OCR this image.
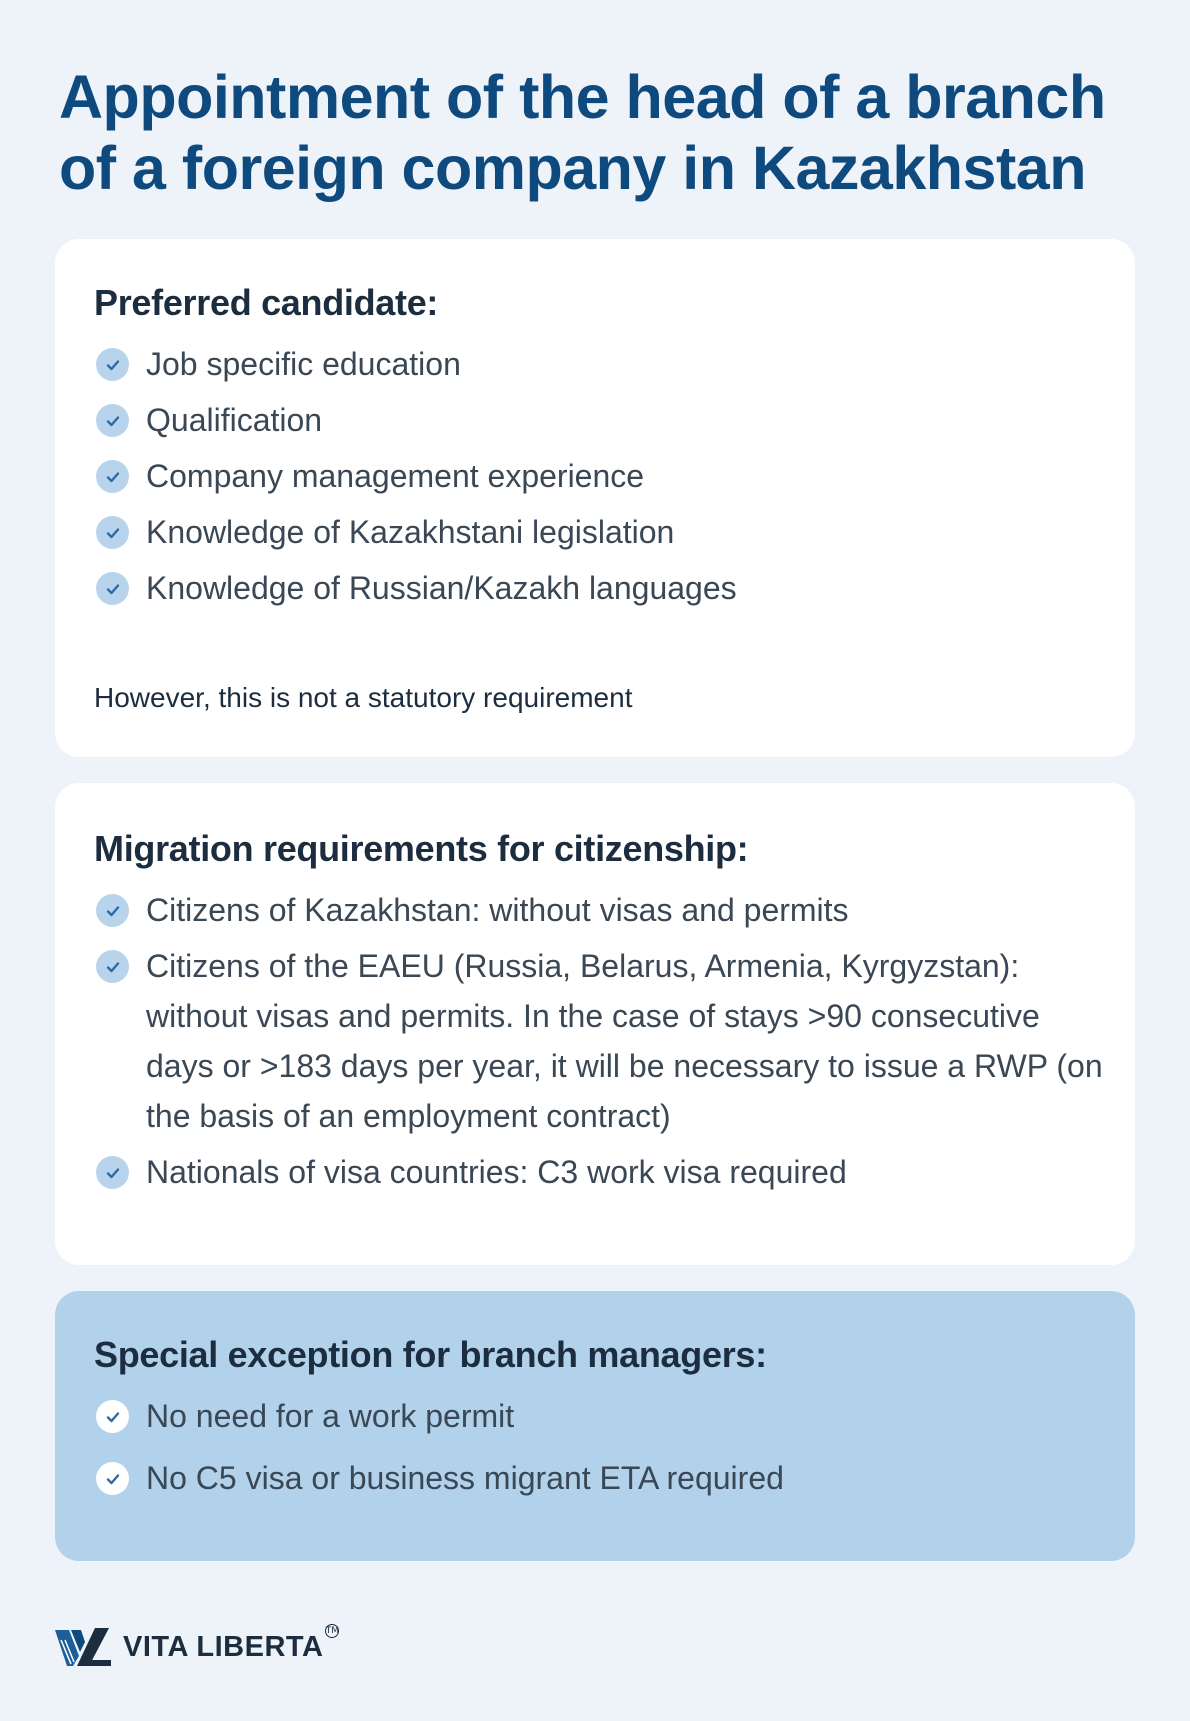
Appointment of the head of a branch of a foreign company in Kazakhstan
Preferred candidate:
Job specific education
Qualification
Company management experience
Knowledge of Kazakhstani legislation
Knowledge of Russian/Kazakh languages

However, this is not a statutory requirement

Migration requirements for citizenship:
Citizens of Kazakhstan: without visas and permits
Citizens of the EAEU (Russia, Belarus, Armenia, Kyrgyzstan): without visas and permits. In the case of stays >90 consecutive days or >183 days per year, it will be necessary to issue a RWP (on the basis of an employment contract)
Nationals of visa countries: C3 work visa required
Special exception for branch managers:
No need for a work permit
No C5 visa or business migrant ETA required
VITA LIBERTA TM
